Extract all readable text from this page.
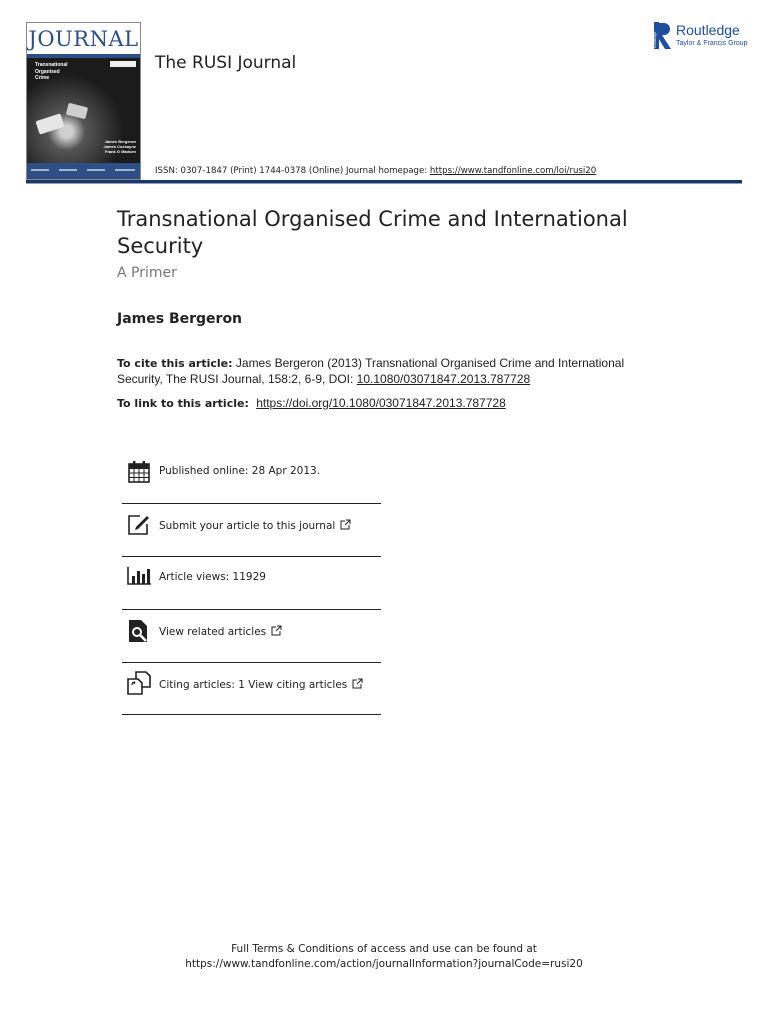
JOURNAL
Transnational
Organised
Crime
James Bergeron
James Cockayne
Frank G Madsen
The RUSI Journal
ISSN: 0307-1847 (Print) 1744-0378 (Online) Journal homepage: https://www.tandfonline.com/loi/rusi20
Routledge
Routledge
Taylor & Francis Group
Transnational Organised Crime and International Security
A Primer
James Bergeron
To cite this article: James Bergeron (2013) Transnational Organised Crime and International Security, The RUSI Journal, 158:2, 6-9, DOI: 10.1080/03071847.2013.787728
To link to this article: https://doi.org/10.1080/03071847.2013.787728
Published online: 28 Apr 2013.
Submit your article to this journal
Article views: 11929
View related articles
Citing articles: 1 View citing articles
Full Terms & Conditions of access and use can be found at
https://www.tandfonline.com/action/journalInformation?journalCode=rusi20
